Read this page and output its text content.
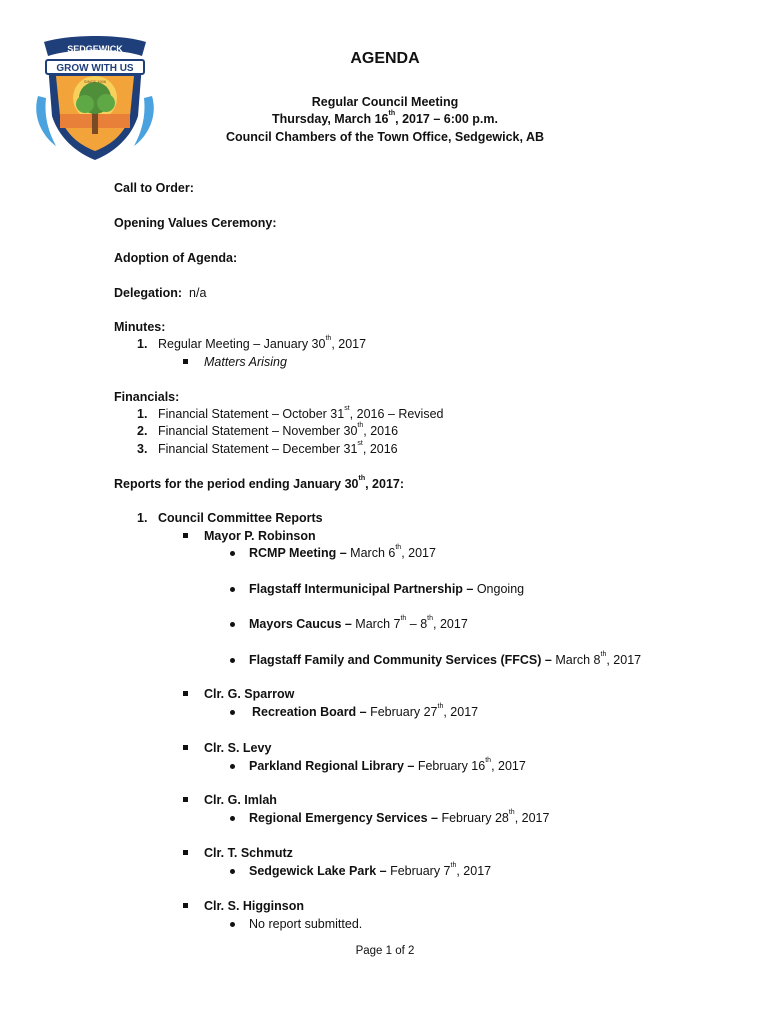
SEDGEWICK
GROW WITH US
SINCE 1906
AGENDA
Regular Council Meeting
Thursday, March 16th, 2017 – 6:00 p.m.
Council Chambers of the Town Office, Sedgewick, AB
Call to Order:
Opening Values Ceremony:
Adoption of Agenda:
Delegation: n/a
Minutes:
1. Regular Meeting – January 30th, 2017
Matters Arising
Financials:
1. Financial Statement – October 31st, 2016 – Revised
2. Financial Statement – November 30th, 2016
3. Financial Statement – December 31st, 2016
Reports for the period ending January 30th, 2017:
1. Council Committee Reports
Mayor P. Robinson
RCMP Meeting – March 6th, 2017
Flagstaff Intermunicipal Partnership – Ongoing
Mayors Caucus – March 7th – 8th, 2017
Flagstaff Family and Community Services (FFCS) – March 8th, 2017
Clr. G. Sparrow
Recreation Board – February 27th, 2017
Clr. S. Levy
Parkland Regional Library – February 16th, 2017
Clr. G. Imlah
Regional Emergency Services – February 28th, 2017
Clr. T. Schmutz
Sedgewick Lake Park – February 7th, 2017
Clr. S. Higginson
No report submitted.
Page 1 of 2
